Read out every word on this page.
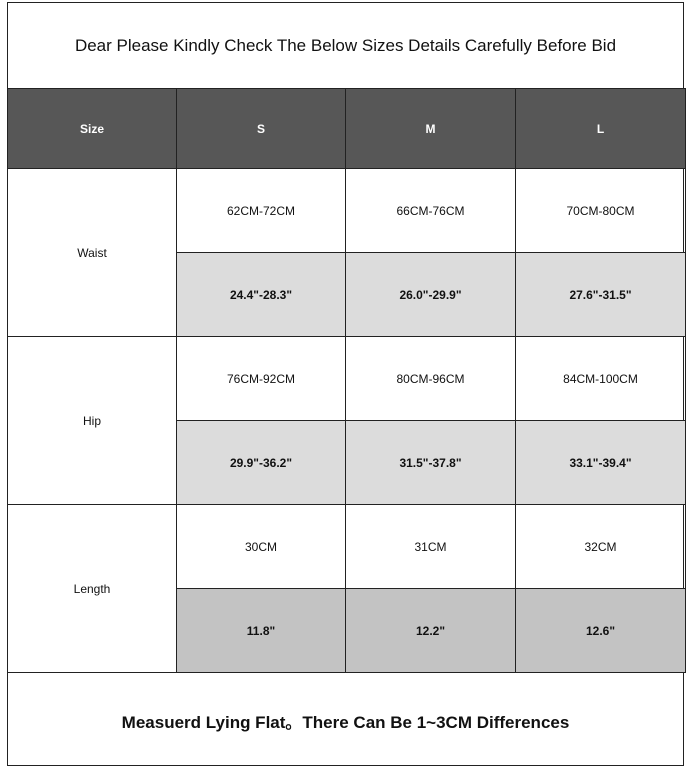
Dear Please Kindly Check The Below Sizes Details Carefully Before Bid
Size	S	M	L
Waist	62CM-72CM	66CM-76CM	70CM-80CM
	24.4"-28.3"	26.0"-29.9"	27.6"-31.5"
Hip	76CM-92CM	80CM-96CM	84CM-100CM
	29.9"-36.2"	31.5"-37.8"	33.1"-39.4"
Length	30CM	31CM	32CM
	11.8"	12.2"	12.6"
Measuerd Lying Flat。There Can Be 1~3CM Differences
